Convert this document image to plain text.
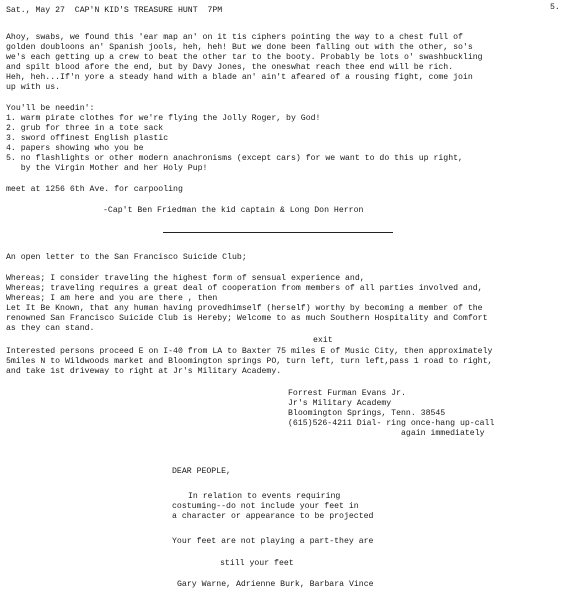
Sat., May 27  CAP'N KID'S TREASURE HUNT  7PM	5.
Ahoy, swabs, we found this 'ear map an' on it tis ciphers pointing the way to a chest full of
golden doubloons an' Spanish jools, heh, heh! But we done been falling out with the other, so's
we's each getting up a crew to beat the other tar to the booty. Probably be lots o' swashbuckling
and spilt blood afore the end, but by Davy Jones, the oneswhat reach thee end will be rich.
Heh, heh...If'n yore a steady hand with a blade an' ain't afeared of a rousing fight, come join
up with us.
You'll be needin':
1. warm pirate clothes for we're flying the Jolly Roger, by God!
2. grub for three in a tote sack
3. sword offinest English plastic
4. papers showing who you be
5. no flashlights or other modern anachronisms (except cars) for we want to do this up right,
by the Virgin Mother and her Holy Pup!
meet at 1256 6th Ave. for carpooling
-Cap't Ben Friedman the kid captain & Long Don Herron
An open letter to the San Francisco Suicide Club;
Whereas; I consider traveling the highest form of sensual experience and,
Whereas; traveling requires a great deal of cooperation from members of all parties involved and,
Whereas; I am here and you are there , then
Let It Be Known, that any human having provedhimself (herself) worthy by becoming a member of the
renowned San Francisco Suicide Club is Hereby; Welcome to as much Southern Hospitality and Comfort
as they can stand.
exit
Interested persons proceed E on I-40 from LA to Baxter 75 miles E of Music City, then approximately
5miles N to Wildwoods market and Bloomington springs PO, turn left, turn left,pass 1 road to right,
and take 1st driveway to right at Jr's Military Academy.
Forrest Furman Evans Jr.
Jr's Military Academy
Bloomington Springs, Tenn. 38545
(615)526-4211 Dial- ring once-hang up-call
again immediately
DEAR PEOPLE,
In relation to events requiring
costuming--do not include your feet in
a character or appearance to be projected
Your feet are not playing a part-they are
still your feet
Gary Warne, Adrienne Burk, Barbara Vince
